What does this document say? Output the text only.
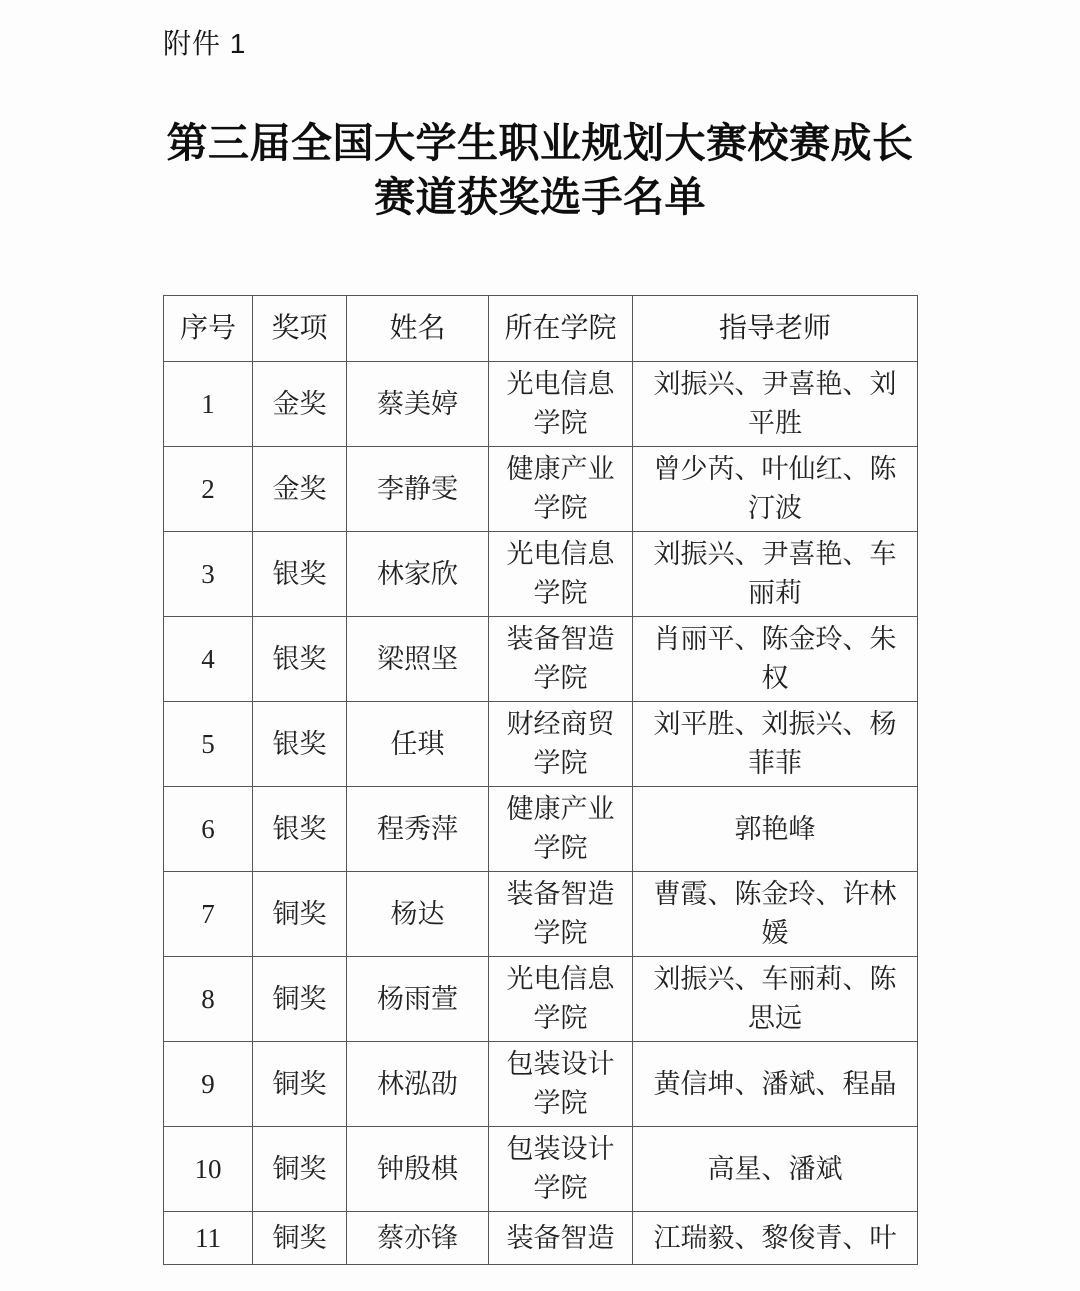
附件 1
第三届全国大学生职业规划大赛校赛成长
赛道获奖选手名单
序号	奖项	姓名	所在学院	指导老师
1	金奖	蔡美婷	光电信息学院	刘振兴、尹喜艳、刘平胜
2	金奖	李静雯	健康产业学院	曾少芮、叶仙红、陈汀波
3	银奖	林家欣	光电信息学院	刘振兴、尹喜艳、车丽莉
4	银奖	梁照坚	装备智造学院	肖丽平、陈金玲、朱权
5	银奖	任琪	财经商贸学院	刘平胜、刘振兴、杨菲菲
6	银奖	程秀萍	健康产业学院	郭艳峰
7	铜奖	杨达	装备智造学院	曹霞、陈金玲、许林媛
8	铜奖	杨雨萱	光电信息学院	刘振兴、车丽莉、陈思远
9	铜奖	林泓劭	包装设计学院	黄信坤、潘斌、程晶
10	铜奖	钟殷棋	包装设计学院	高星、潘斌
11	铜奖	蔡亦锋	装备智造	江瑞毅、黎俊青、叶
